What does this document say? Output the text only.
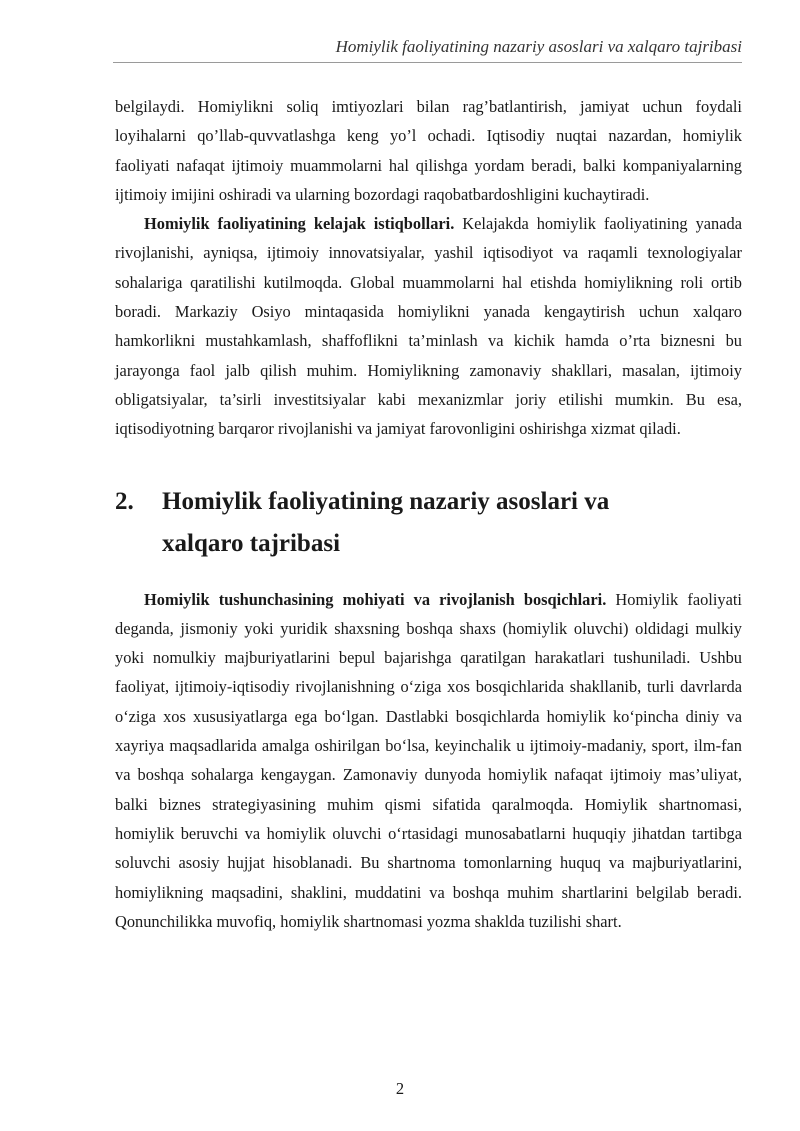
Homiylik faoliyatining nazariy asoslari va xalqaro tajribasi

belgilaydi. Homiylikni soliq imtiyozlari bilan rag’batlantirish, jamiyat uchun foydali loyihalarni qo’llab-quvvatlashga keng yo’l ochadi. Iqtisodiy nuqtai nazardan, homiylik faoliyati nafaqat ijtimoiy muammolarni hal qilishga yordam beradi, balki kompaniyalarning ijtimoiy imijini oshiradi va ularning bozordagi raqobatbardoshligini kuchaytiradi.

Homiylik faoliyatining kelajak istiqbollari. Kelajakda homiylik faoliyatining yanada rivojlanishi, ayniqsa, ijtimoiy innovatsiyalar, yashil iqtisodiyot va raqamli texnologiyalar sohalariga qaratilishi kutilmoqda. Global muammolarni hal etishda homiylikning roli ortib boradi. Markaziy Osiyo mintaqasida homiylikni yanada kengaytirish uchun xalqaro hamkorlikni mustahkamlash, shaffoflikni ta’minlash va kichik hamda o’rta biznesni bu jarayonga faol jalb qilish muhim. Homiylikning zamonaviy shakllari, masalan, ijtimoiy obligatsiyalar, ta’sirli investitsiyalar kabi mexanizmlar joriy etilishi mumkin. Bu esa, iqtisodiyotning barqaror rivojlanishi va jamiyat farovonligini oshirishga xizmat qiladi.

2.	Homiylik faoliyatining nazariy asoslari va xalqaro tajribasi

Homiylik tushunchasining mohiyati va rivojlanish bosqichlari. Homiylik faoliyati deganda, jismoniy yoki yuridik shaxsning boshqa shaxs (homiylik oluvchi) oldidagi mulkiy yoki nomulkiy majburiyatlarini bepul bajarishga qaratilgan harakatlari tushuniladi. Ushbu faoliyat, ijtimoiy-iqtisodiy rivojlanishning oʻziga xos bosqichlarida shakllanib, turli davrlarda oʻziga xos xususiyatlarga ega boʻlgan. Dastlabki bosqichlarda homiylik koʻpincha diniy va xayriya maqsadlarida amalga oshirilgan boʻlsa, keyinchalik u ijtimoiy-madaniy, sport, ilm-fan va boshqa sohalarga kengaygan. Zamonaviy dunyoda homiylik nafaqat ijtimoiy mas’uliyat, balki biznes strategiyasining muhim qismi sifatida qaralmoqda. Homiylik shartnomasi, homiylik beruvchi va homiylik oluvchi oʻrtasidagi munosabatlarni huquqiy jihatdan tartibga soluvchi asosiy hujjat hisoblanadi. Bu shartnoma tomonlarning huquq va majburiyatlarini, homiylikning maqsadini, shaklini, muddatini va boshqa muhim shartlarini belgilab beradi. Qonunchilikka muvofiq, homiylik shartnomasi yozma shaklda tuzilishi shart.

2
